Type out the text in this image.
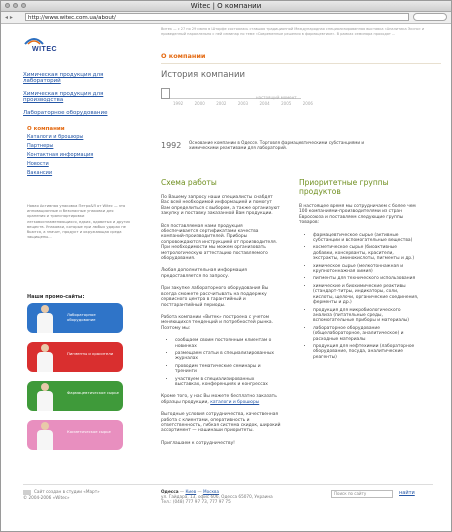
Witec | О компании
◂ ▸	http://www.witec.com.ua/about/
WITEC
Химическая продукция для лабораторий
Химическая продукция для производства
Лабораторное оборудование
О компании
Каталоги и брошюры
Партнеры
Контактная информация
Новости
Вакансии
Новая Активная упаковка Петро&Я от Witec — это инновационные и безопасные упаковки для хранения и транспортировки легковоспламеняющихся, едких, ядовитых и других веществ. Упаковки, которые при любых ударах не бьются, а значит, продукт и окружающая среда защищены...
Наши промо-сайты:
Лабораторное оборудование
Пигменты и красители
Фармацевтическое сырье
Косметическое сырье
Витек — с 27 по 29 июня в Шторфе состоялась ставшая традиционной Международная специализированная выставка «Аналитика Экспо» и проведенный параллельно с ней семинар по теме «Современные решения в фармацевтике». В рамках семинара проходят ...
О компании
История компании
1992	2000	2002	2003	2004	2005	2006
настоящий момент
1992 Основание компании в Одессе. Торговля фармацевтическими субстанциями и химическими реактивами для лабораторий.
Схема работы

По Вашему запросу наши специалисты снабдят Вас всей необходимой информацией и помогут Вам определиться с выбором, а также организуют закупку и поставку заказанной Вам продукции.

Вся поставляемая нами продукция обеспечивается сертификатами качества компаний-производителей. Приборы сопровождаются инструкцией от производителя. При необходимости мы можем организовать метрологическую аттестацию поставляемого оборудования.

Любая дополнительная информация предоставляется по запросу.

При закупке лабораторного оборудования Вы всегда сможете рассчитывать на поддержку сервисного центра в гарантийный и постгарантийный периоды.

Работа компании «Витек» построена с учетом меняющихся тенденций и потребностей рынка. Поэтому мы:

• сообщаем своим постоянным клиентам о новинках
• размещаем статьи в специализированных журналах
• проводим тематические семинары и тренинги
• участвуем в специализированных выставках, конференциях и конгрессах

Кроме того, у нас Вы можете бесплатно заказать образцы продукции, каталоги и брошюры

Выгодные условия сотрудничества, качественная работа с клиентами, оперативность и ответственность, гибкая система скидок, широкий ассортимент — нашинаши приоритеты.

Приглашаем к сотрудничеству!

Приоритетные группы продуктов

В настоящее время мы сотрудничаем с более чем 100 компаниями-производителями из стран Евросоюза и поставляем следующие группы товаров:

• фармацевтическое сырье (активные субстанции и вспомогательные вещества)
• косметическое сырье (биоактивные добавки, консерванты, красители, экстракты, аминокислоты, пигменты и др.)
• химическое сырье (мелкотоннажная и крупнотоннажная химия)
• пигменты для технического использования
• химические и биохимические реактивы (стандарт-титры, индикаторы, соли, кислоты, щелочи, органические соединения, ферменты и др.)
• продукция для микробиологического анализа (питательные среды, вспомогательные приборы и материалы)
• лабораторное оборудование (общелабораторное, аналитическое) и расходные материалы
• продукция для нефтехимии (лабораторное оборудование, посуда, аналитические реагенты)
Сайт создан в студии «Март»
© 2004-2006 «Witec»
Одесса — Киев — Москва
ул. Гайдара, 13, офис 606, Одесса 65070, Украина
Тел.: (048) 777 97 73, 777 97 75
Поиск по сайту	найти
